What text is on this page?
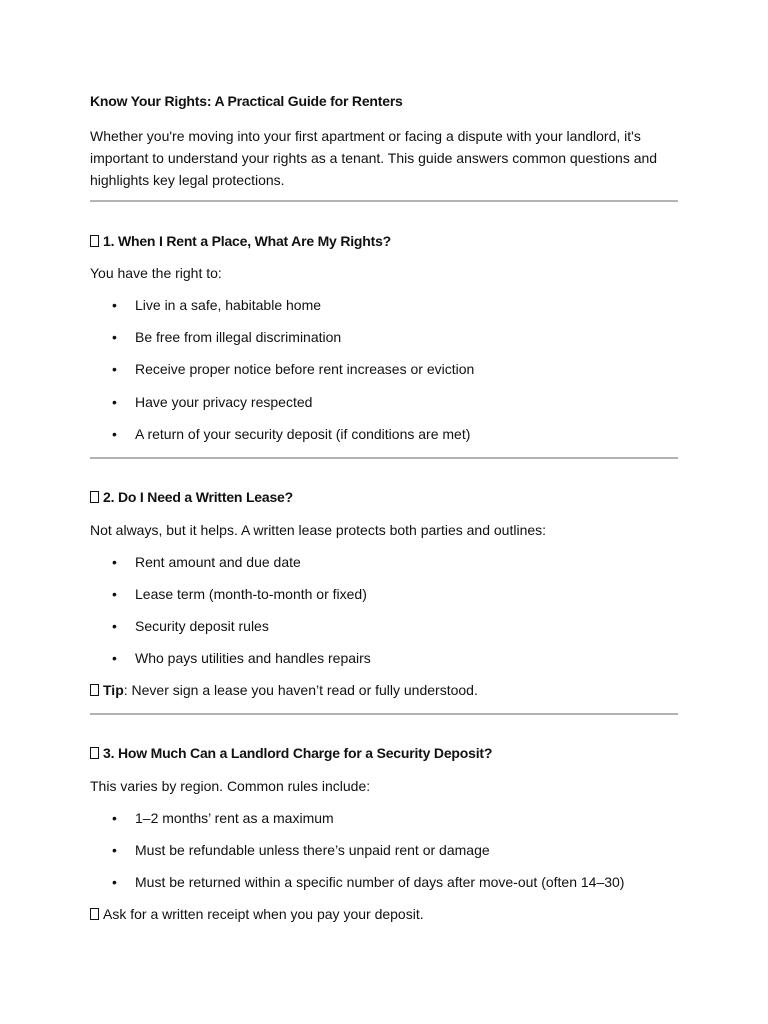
Know Your Rights: A Practical Guide for Renters
Whether you're moving into your first apartment or facing a dispute with your landlord, it's important to understand your rights as a tenant. This guide answers common questions and highlights key legal protections.
1. When I Rent a Place, What Are My Rights?
You have the right to:
• Live in a safe, habitable home
• Be free from illegal discrimination
• Receive proper notice before rent increases or eviction
• Have your privacy respected
• A return of your security deposit (if conditions are met)
2. Do I Need a Written Lease?
Not always, but it helps. A written lease protects both parties and outlines:
• Rent amount and due date
• Lease term (month-to-month or fixed)
• Security deposit rules
• Who pays utilities and handles repairs
Tip: Never sign a lease you haven’t read or fully understood.
3. How Much Can a Landlord Charge for a Security Deposit?
This varies by region. Common rules include:
• 1–2 months’ rent as a maximum
• Must be refundable unless there’s unpaid rent or damage
• Must be returned within a specific number of days after move-out (often 14–30)
Ask for a written receipt when you pay your deposit.
